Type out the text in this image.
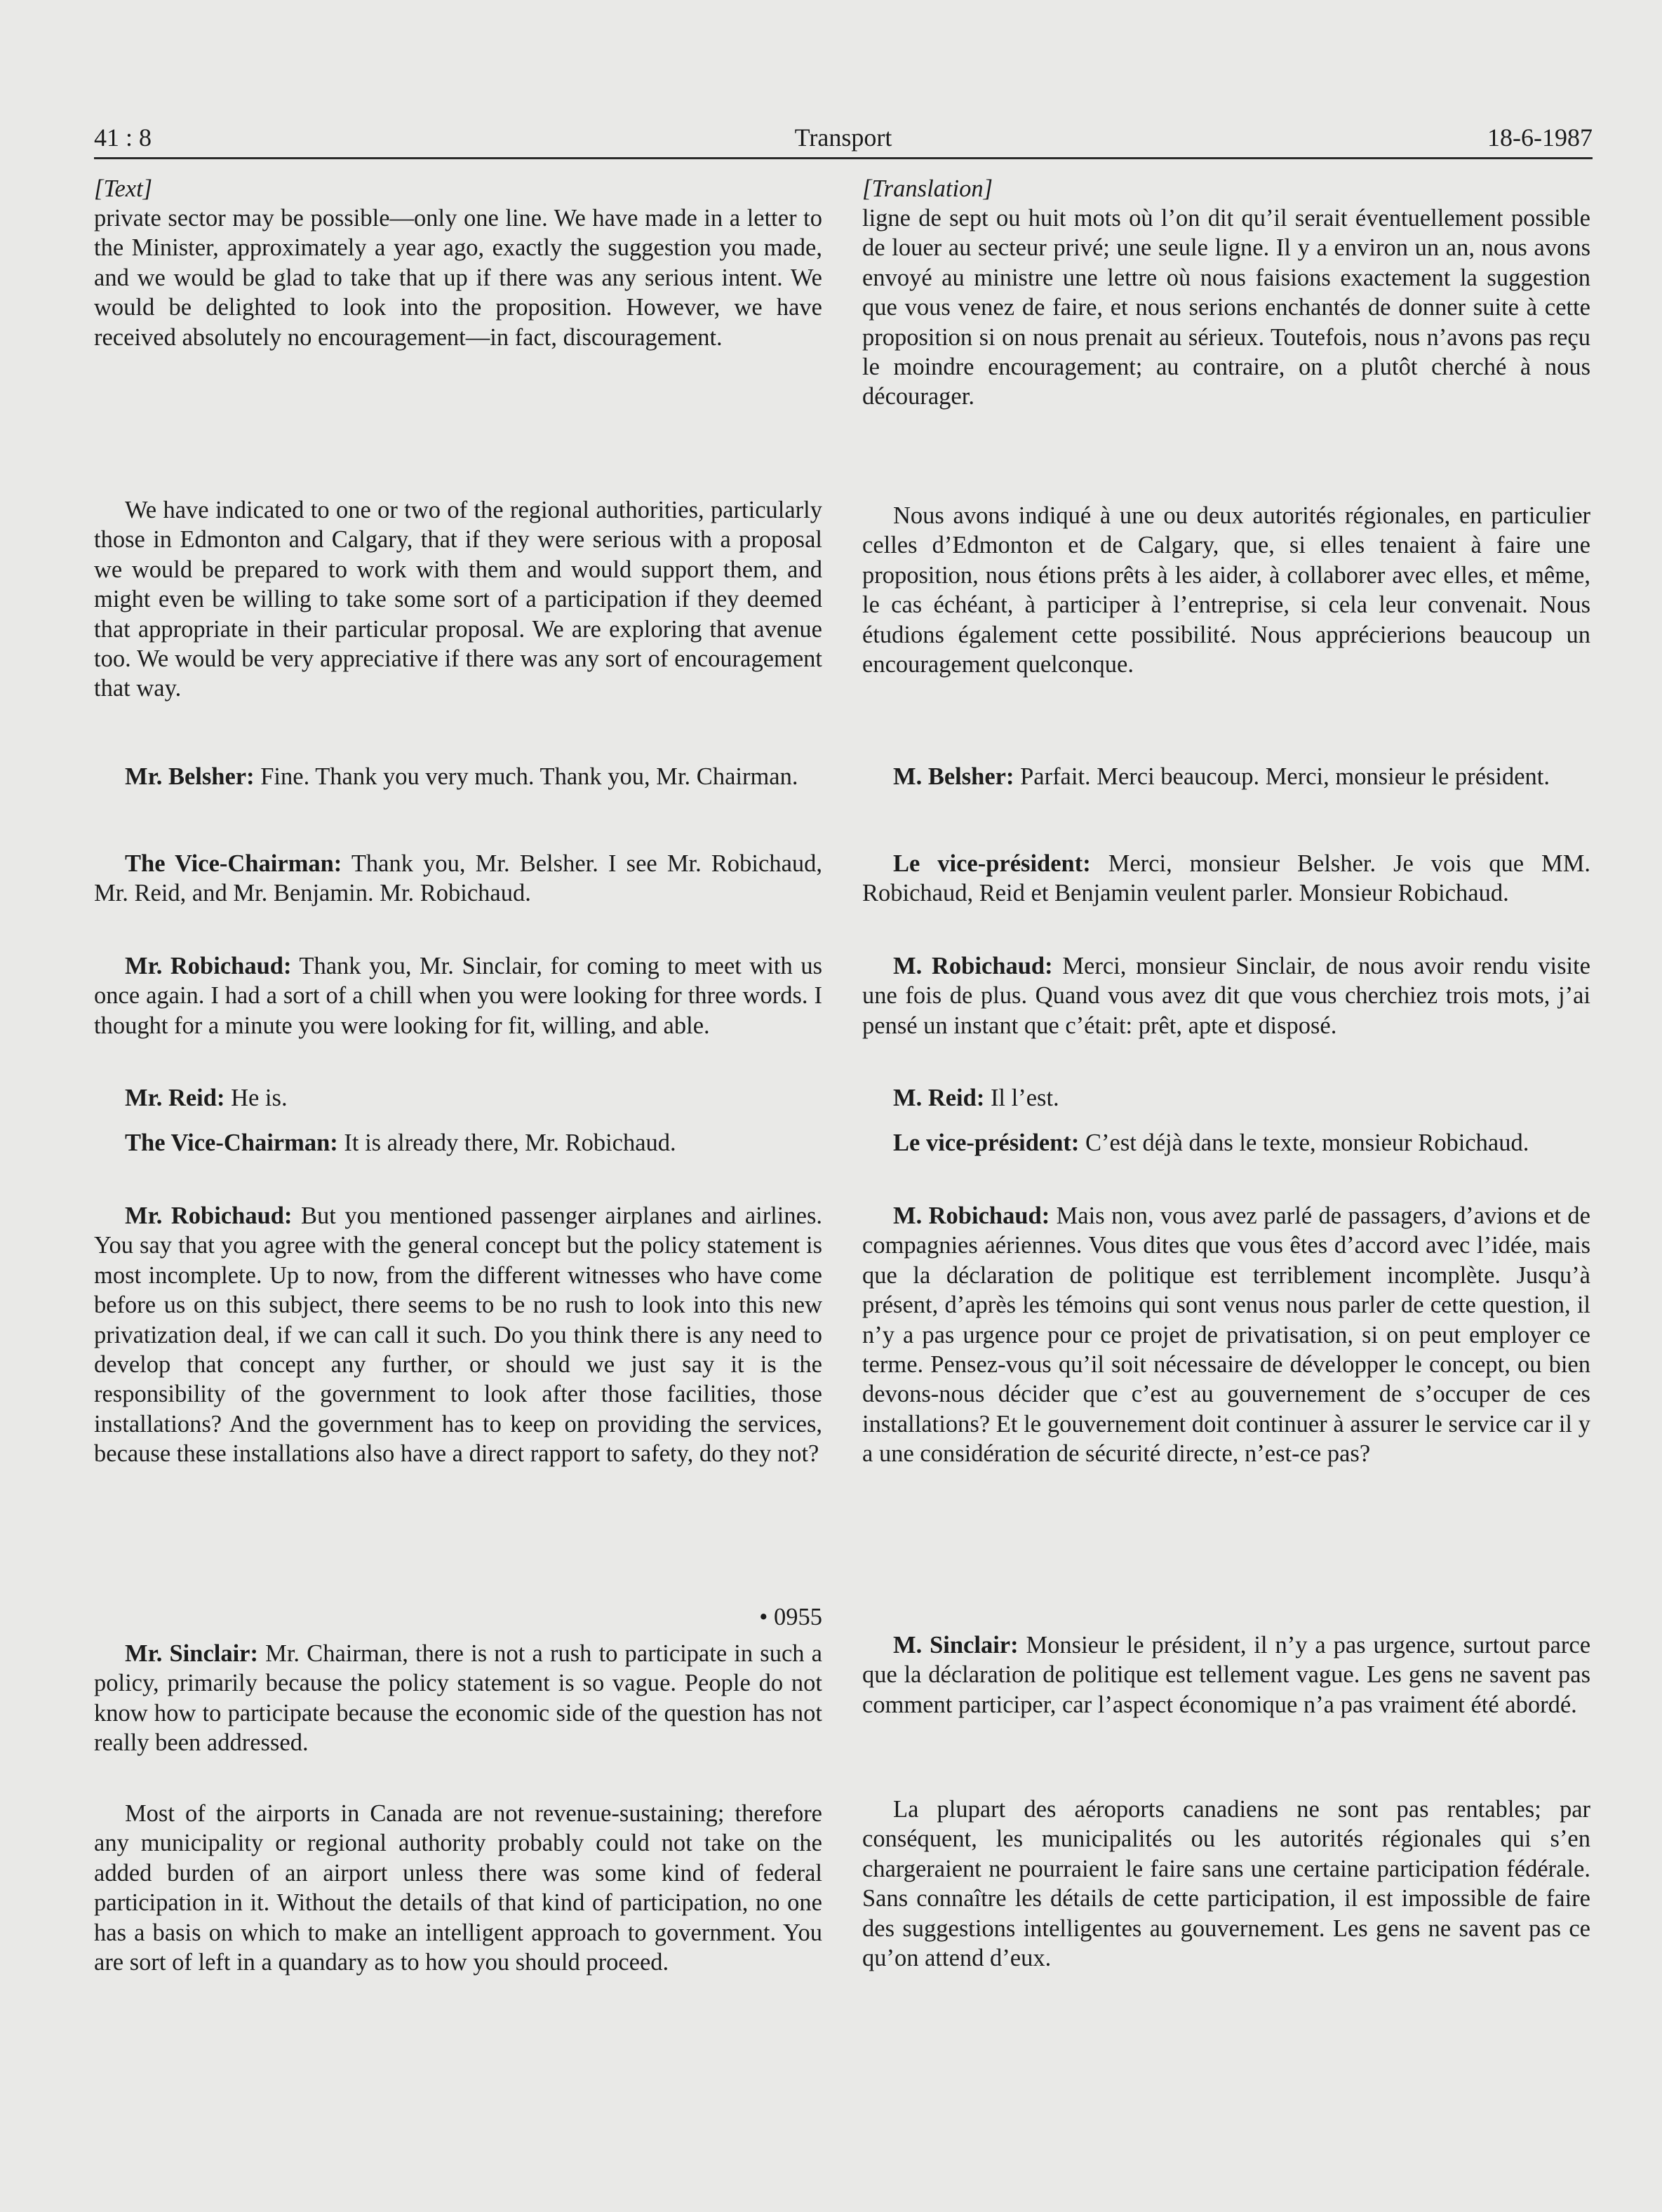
41 : 8	Transport	18-6-1987

[Text]

private sector may be possible—only one line. We have made in a letter to the Minister, approximately a year ago, exactly the suggestion you made, and we would be glad to take that up if there was any serious intent. We would be delighted to look into the proposition. However, we have received absolutely no encouragement—in fact, discouragement.

We have indicated to one or two of the regional authorities, particularly those in Edmonton and Calgary, that if they were serious with a proposal we would be prepared to work with them and would support them, and might even be willing to take some sort of a participation if they deemed that appropriate in their particular proposal. We are exploring that avenue too. We would be very appreciative if there was any sort of encouragement that way.

Mr. Belsher: Fine. Thank you very much. Thank you, Mr. Chairman.

The Vice-Chairman: Thank you, Mr. Belsher. I see Mr. Robichaud, Mr. Reid, and Mr. Benjamin. Mr. Robichaud.

Mr. Robichaud: Thank you, Mr. Sinclair, for coming to meet with us once again. I had a sort of a chill when you were looking for three words. I thought for a minute you were looking for fit, willing, and able.

Mr. Reid: He is.

The Vice-Chairman: It is already there, Mr. Robichaud.

Mr. Robichaud: But you mentioned passenger airplanes and airlines. You say that you agree with the general concept but the policy statement is most incomplete. Up to now, from the different witnesses who have come before us on this subject, there seems to be no rush to look into this new privatization deal, if we can call it such. Do you think there is any need to develop that concept any further, or should we just say it is the responsibility of the government to look after those facilities, those installations? And the government has to keep on providing the services, because these installations also have a direct rapport to safety, do they not?

• 0955

Mr. Sinclair: Mr. Chairman, there is not a rush to participate in such a policy, primarily because the policy statement is so vague. People do not know how to participate because the economic side of the question has not really been addressed.

Most of the airports in Canada are not revenue-sustaining; therefore any municipality or regional authority probably could not take on the added burden of an airport unless there was some kind of federal participation in it. Without the details of that kind of participation, no one has a basis on which to make an intelligent approach to government. You are sort of left in a quandary as to how you should proceed.

[Translation]

ligne de sept ou huit mots où l’on dit qu’il serait éventuellement possible de louer au secteur privé; une seule ligne. Il y a environ un an, nous avons envoyé au ministre une lettre où nous faisions exactement la suggestion que vous venez de faire, et nous serions enchantés de donner suite à cette proposition si on nous prenait au sérieux. Toutefois, nous n’avons pas reçu le moindre encouragement; au contraire, on a plutôt cherché à nous décourager.

Nous avons indiqué à une ou deux autorités régionales, en particulier celles d’Edmonton et de Calgary, que, si elles tenaient à faire une proposition, nous étions prêts à les aider, à collaborer avec elles, et même, le cas échéant, à participer à l’entreprise, si cela leur convenait. Nous étudions également cette possibilité. Nous apprécierions beaucoup un encouragement quelconque.

M. Belsher: Parfait. Merci beaucoup. Merci, monsieur le président.

Le vice-président: Merci, monsieur Belsher. Je vois que MM. Robichaud, Reid et Benjamin veulent parler. Monsieur Robichaud.

M. Robichaud: Merci, monsieur Sinclair, de nous avoir rendu visite une fois de plus. Quand vous avez dit que vous cherchiez trois mots, j’ai pensé un instant que c’était: prêt, apte et disposé.

M. Reid: Il l’est.

Le vice-président: C’est déjà dans le texte, monsieur Robichaud.

M. Robichaud: Mais non, vous avez parlé de passagers, d’avions et de compagnies aériennes. Vous dites que vous êtes d’accord avec l’idée, mais que la déclaration de politique est terriblement incomplète. Jusqu’à présent, d’après les témoins qui sont venus nous parler de cette question, il n’y a pas urgence pour ce projet de privatisation, si on peut employer ce terme. Pensez-vous qu’il soit nécessaire de développer le concept, ou bien devons-nous décider que c’est au gouvernement de s’occuper de ces installations? Et le gouvernement doit continuer à assurer le service car il y a une considération de sécurité directe, n’est-ce pas?

M. Sinclair: Monsieur le président, il n’y a pas urgence, surtout parce que la déclaration de politique est tellement vague. Les gens ne savent pas comment participer, car l’aspect économique n’a pas vraiment été abordé.

La plupart des aéroports canadiens ne sont pas rentables; par conséquent, les municipalités ou les autorités régionales qui s’en chargeraient ne pourraient le faire sans une certaine participation fédérale. Sans connaître les détails de cette participation, il est impossible de faire des suggestions intelligentes au gouvernement. Les gens ne savent pas ce qu’on attend d’eux.
